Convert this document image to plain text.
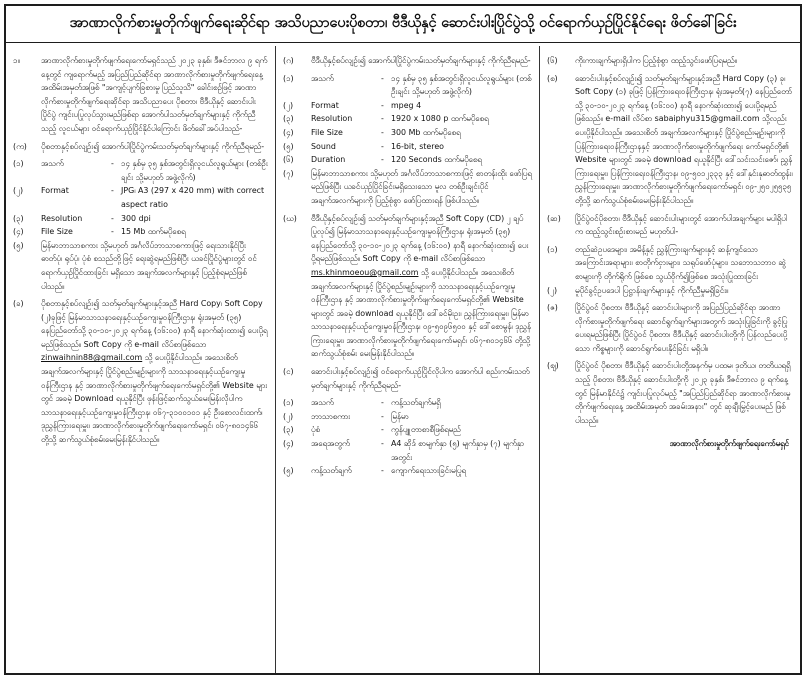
အာဏာလိုက်စားမှုတိုက်ဖျက်ရေးဆိုင်ရာ အသိပညာပေးပိုစတာ၊ ဗီဒီယိုနှင့် ဆောင်းပါးပြိုင်ပွဲသို့ ဝင်ရောက်ယှဉ်ပြိုင်နိုင်ရေး ဖိတ်ခေါ်ခြင်း
၁။	အာဏာလိုက်စားမှုတိုက်ဖျက်ရေးကော်မရှင်သည် ၂၀၂၃ ခုနှစ်၊ ဒီဇင်ဘာလ ၉ ရက်နေ့တွင် ကျရောက်မည့် အပြည်ပြည်ဆိုင်ရာ အာဏာလိုက်စားမှုတိုက်ဖျက်ရေးနေ့ အထိမ်းအမှတ်အဖြစ် "အကျင့်ပျက်ခြစားမှု ပြည်သူသိ" ခေါင်းစဉ်ဖြင့် အာဏာလိုက်စားမှုတိုက်ဖျက်ရေးဆိုင်ရာ အသိပညာပေး ပိုစတာ၊ ဗီဒီယိုနှင့် ဆောင်းပါးပြိုင်ပွဲ ကျင်းပပြုလုပ်သွားမည်ဖြစ်ရာ အောက်ပါသတ်မှတ်ချက်များနှင့် ကိုက်ညီသည့် လူငယ်များ ဝင်ရောက်ယှဉ်ပြိုင်နိုင်ပါကြောင်း ဖိတ်ခေါ်အပ်ပါသည်-
(က)	ပိုစတာနှင့်စပ်လျဉ်း၍ အောက်ပါပြိုင်ပွဲကမ်းသတ်မှတ်ချက်များနှင့် ကိုက်ညီရမည်-
(၁)	အသက်	- ၁၄ နှစ်မှ ၃၅ နှစ်အတွင်းရှိလူငယ်လူရွယ်များ (တစ်ဦးချင်း သို့မဟုတ် အဖွဲ့လိုက်)
(၂)	Format	- JPG၊ A3 (297 x 420 mm) with correct aspect ratio
(၃)	Resolution	- 300 dpi
(၄)	File Size	- 15 Mb ထက်မပိုစေရ
(၅)	မြန်မာဘာသာစကား သို့မဟုတ် အင်္ဂလိပ်ဘာသာစကားဖြင့် ရေးသားနိုင်ပြီး ဓာတ်ပုံ၊ ရုပ်ပုံ၊ ပုံစံ စသည်တို့ဖြင့် ရေးဆွဲရမည်ဖြစ်ပြီး ယခင်ပြိုင်ပွဲများတွင် ဝင်ရောက်ယှဉ်ပြိုင်ထားခြင်း မရှိသော အချက်အလက်များနှင့် ပြည့်စုံရမည်ဖြစ်ပါသည်။
(ခ)	ပိုစတာနှင့်စပ်လျဉ်း၍ သတ်မှတ်ချက်များနှင့်အညီ Hard Copy၊ Soft Copy (၂)ခုဖြင့် မြန်မာသာသနာရေးနှင့်ယဉ်ကျေးမှုဝန်ကြီးဌာန၊ ရုံးအမှတ် (၃၅) နေပြည်တော်သို့ ၃၀-၁၀-၂၀၂၃ ရက်နေ့ (၁၆:၀၀) နာရီ နောက်ဆုံးထား၍ ပေးပို့ရမည်ဖြစ်သည်။ Soft Copy ကို e-mail လိပ်စာဖြစ်သော zinwaihnin88@gmail.com သို့ ပေးပို့နိုင်ပါသည်။ အသေးစိတ် အချက်အလက်များနှင့် ပြိုင်ပွဲစည်းမျဉ်းများကို သာသနာရေးနှင့်ယဉ်ကျေးမှုဝန်ကြီးဌာန နှင့် အာဏာလိုက်စားမှုတိုက်ဖျက်ရေးကော်မရှင်တို့၏ Website များတွင် အခမဲ့ Download ရယူနိုင်ပြီး ဖုန်းဖြင့်ဆက်သွယ်မေးမြန်းလိုပါက သာသနာရေးနှင့်ယဉ်ကျေးမှုဝန်ကြီးဌာန၊ ၀၆၇-၃၁၀၀၁၀၁ နှင့် ဦးစောလင်းထက်၊ ဒုညွှန်ကြားရေးမှူး၊ အာဏာလိုက်စားမှုတိုက်ဖျက်ရေးကော်မရှင်၊ ၀၆၇-၈၀၁၄၆၆ တို့သို့ ဆက်သွယ်စုံစမ်းမေးမြန်းနိုင်ပါသည်။
(ဂ)	ဗီဒီယိုနှင့်စပ်လျဉ်း၍ အောက်ပါပြိုင်ပွဲကမ်းသတ်မှတ်ချက်များနှင့် ကိုက်ညီရမည်-
(၁)	အသက်	- ၁၄ နှစ်မှ ၃၅ နှစ်အတွင်းရှိလူငယ်လူရွယ်များ (တစ်ဦးချင်း သို့မဟုတ် အဖွဲ့လိုက်)
(၂)	Format	- mpeg 4
(၃)	Resolution	- 1920 x 1080 p ထက်မပိုစေရ
(၄)	File Size	- 300 Mb ထက်မပိုစေရ
(၅)	Sound	- 16-bit, stereo
(၆)	Duration	- 120 Seconds ထက်မပိုစေရ
(၇)	မြန်မာဘာသာစကား သို့မဟုတ် အင်္ဂလိပ်ဘာသာစကားဖြင့် စာတန်းထိုး ဖော်ပြရမည်ဖြစ်ပြီး ယခင်ယှဉ်ပြိုင်ခြင်းမရှိသေးသော မူလ တစ်ဦးချင်းပိုင် အချက်အလက်များကို ပြည့်စုံစွာ ဖော်ပြထားရန် ဖြစ်ပါသည်။
(ဃ)	ဗီဒီယိုနှင့်စပ်လျဉ်း၍ သတ်မှတ်ချက်များနှင့်အညီ Soft Copy (CD) ၂ ချပ် ပြုလုပ်၍ မြန်မာသာသနာရေးနှင့်ယဉ်ကျေးမှုဝန်ကြီးဌာန၊ ရုံးအမှတ် (၃၅) နေပြည်တော်သို့ ၃၀-၁၀-၂၀၂၃ ရက်နေ့ (၁၆:၀၀) နာရီ နောက်ဆုံးထား၍ ပေးပို့ရမည်ဖြစ်သည်။ Soft Copy ကို e-mail လိပ်စာဖြစ်သော ms.khinmoeou@gmail.com သို့ ပေးပို့နိုင်ပါသည်။ အသေးစိတ် အချက်အလက်များနှင့် ပြိုင်ပွဲစည်းမျဉ်းများကို သာသနာရေးနှင့်ယဉ်ကျေးမှုဝန်ကြီးဌာန နှင့် အာဏာလိုက်စားမှုတိုက်ဖျက်ရေးကော်မရှင်တို့၏ Website များတွင် အခမဲ့ download ရယူနိုင်ပြီး ဒေါ်ခင်မိုးဥး၊ ညွှန်ကြားရေးမှူး၊ မြန်မာသာသနာရေးနှင့်ယဉ်ကျေးမှုဝန်ကြီးဌာန၊ ၀၉-၅၀၉၆၅၀၀ နှင့် ဒေါ်စောမွန်၊ ဒုညွှန်ကြားရေးမှူး၊ အာဏာလိုက်စားမှုတိုက်ဖျက်ရေးကော်မရှင်၊ ၀၆၇-၈၀၁၄၆၆ တို့သို့ ဆက်သွယ်စုံစမ်း မေးမြန်းနိုင်ပါသည်။
(င)	ဆောင်းပါးနှင့်စပ်လျဉ်း၍ ဝင်ရောက်ယှဉ်ပြိုင်လိုပါက အောက်ပါ စည်းကမ်းသတ်မှတ်ချက်များနှင့် ကိုက်ညီရမည်-
(၁)	အသက်	- ကန့်သတ်ချက်မရှိ
(၂)	ဘာသာစကား	- မြန်မာ
(၃)	ပုံစံ	- ကွန်ပျူတာစာစီဖြစ်ရမည်
(၄)	အရေအတွက်	- A4 ဆိုဒ် စာမျက်နှာ (၅) မျက်နှာမှ (၇) မျက်နှာအတွင်း
(၅)	ကန့်သတ်ချက်	- ကျောက်ရေးသားခြင်းမပြုရ
(၆)	ကိုးကားချက်များရှိပါက ပြည့်စုံစွာ ထည့်သွင်းဖော်ပြရမည်။
(စ)	ဆောင်းပါးနှင့်စပ်လျဉ်း၍ သတ်မှတ်ချက်များနှင့်အညီ Hard Copy (၃) ခု၊ Soft Copy (၁) ခုဖြင့် ပြန်ကြားရေးဝန်ကြီးဌာန၊ ရုံးအမှတ်(၇) နေပြည်တော်သို့ ၃၀-၁၀-၂၀၂၃ ရက်နေ့ (၁၆:၀၀) နာရီ နောက်ဆုံးထား၍ ပေးပို့ရမည်ဖြစ်သည်။ e-mail လိပ်စာ sabaiphyu315@gmail.com သို့လည်း ပေးပို့နိုင်ပါသည်။ အသေးစိတ် အချက်အလက်များနှင့် ပြိုင်ပွဲစည်းမျဉ်းများကို ပြန်ကြားရေးဝန်ကြီးဌာနနှင့် အာဏာလိုက်စားမှုတိုက်ဖျက်ရေး ကော်မရှင်တို့၏ Website များတွင် အခမဲ့ download ရယူနိုင်ပြီး ဒေါ်သင်းသင်းဇော်၊ ညွှန်ကြားရေးမှူး၊ ပြန်ကြားရေးဝန်ကြီးဌာန၊ ၀၉-၅၀၁၂၃၃၃ နှင့် ဒေါ်နှင်းနုဓာတ်ထွန်း၊ ညွှန်ကြားရေးမှူး၊ အာဏာလိုက်စားမှုတိုက်ဖျက်ရေးကော်မရှင်၊ ၀၉-၂၅၀၂၅၅၃၅ တို့သို့ ဆက်သွယ်စုံစမ်းမေးမြန်းနိုင်ပါသည်။
(ဆ)	ပြိုင်ပွဲဝင်ပိုစတာ၊ ဗီဒီယိုနှင့် ဆောင်းပါးများတွင် အောက်ပါအချက်များ မပါရှိပါက ထည့်သွင်းစဉ်းစားမည် မဟုတ်ပါ-
(၁)	တည်ဆဲဥပဒေများ၊ အမိန့်နှင့် ညွှန်ကြားချက်များနှင့် ဆန့်ကျင်သော အကြောင်းအရာများ၊ စာတိုက်ငှားများ၊ သရုပ်ဖော်ပုံများ၊ သဘောသဘာဝ ဆွဲစာများကို တိုက်ရိုက် ဖြစ်စေ သွယ်ဝိုက်၍ဖြစ်စေ အသုံးပြုထားခြင်း
(၂)	မူပိုင်ခွင့်ဥပဒေပါ ပြဋ္ဌာန်းချက်များနှင့် ကိုက်ညီမှုမရှိခြင်း။
(ဇ)	ပြိုင်ပွဲဝင် ပိုစတာ၊ ဗီဒီယိုနှင့် ဆောင်းပါးများကို အပြည်ပြည်ဆိုင်ရာ အာဏာလိုက်စားမှုတိုက်ဖျက်ရေး ဆောင်ရွက်ချက်များအတွက် အသုံးပြုခြင်းကို ခွင့်ပြုပေးရမည်ဖြစ်ပြီး ပြိုင်ပွဲဝင် ပိုစတာ၊ ဗီဒီယိုနှင့် ဆောင်းပါးတို့ကို ပြန်လည်ပေးပို့သော ကိစ္စများကို ဆောင်ရွက်ပေးနိုင်ခြင်း မရှိပါ။
(ဈ)	ပြိုင်ပွဲဝင် ပိုစတာ၊ ဗီဒီယိုနှင့် ဆောင်းပါးတို့အနက်မှ ပထမ၊ ဒုတိယ၊ တတိယရရှိသည့် ပိုစတာ၊ ဗီဒီယိုနှင့် ဆောင်းပါးတို့ကို ၂၀၂၃ ခုနှစ်၊ ဒီဇင်ဘာလ ၉ ရက်နေ့တွင် မြန်မာနိုင်ငံ၌ ကျင်းပပြုလုပ်မည့် "အပြည်ပြည်ဆိုင်ရာ အာဏာလိုက်စားမှု တိုက်ဖျက်ရေးနေ့ အထိမ်းအမှတ် အခမ်းအနား" တွင် ဆုချီးမြှင့်ပေးမည် ဖြစ်ပါသည်။
အာဏာလိုက်စားမှုတိုက်ဖျက်ရေးကော်မရှင်
